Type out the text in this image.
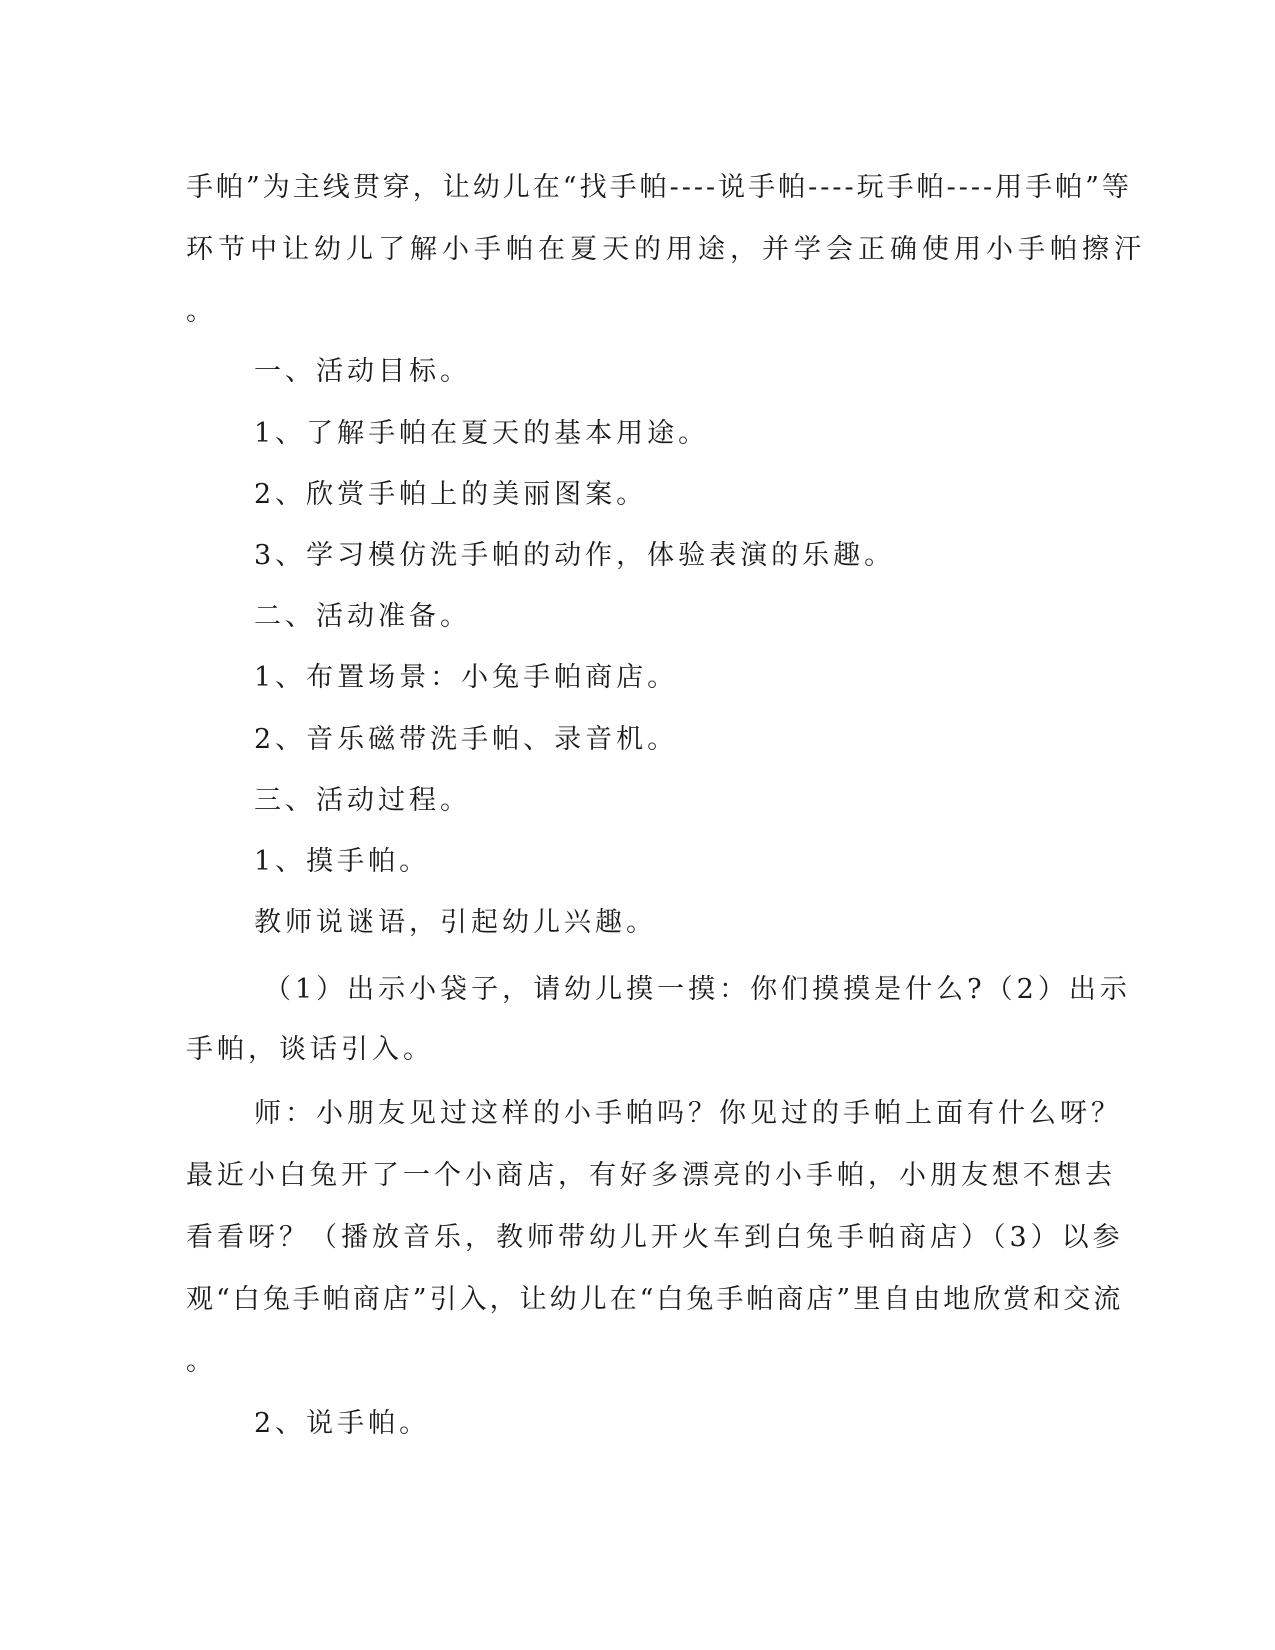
手帕”为主线贯穿，让幼儿在“找手帕----说手帕----玩手帕----用手帕”等
环节中让幼儿了解小手帕在夏天的用途，并学会正确使用小手帕擦汗
。
一、活动目标。
1、了解手帕在夏天的基本用途。
2、欣赏手帕上的美丽图案。
3、学习模仿洗手帕的动作，体验表演的乐趣。
二、活动准备。
1、布置场景：小兔手帕商店。
2、音乐磁带洗手帕、录音机。
三、活动过程。
1、摸手帕。
教师说谜语，引起幼儿兴趣。
（1）出示小袋子，请幼儿摸一摸：你们摸摸是什么?（2）出示
手帕，谈话引入。
师：小朋友见过这样的小手帕吗？你见过的手帕上面有什么呀？
最近小白兔开了一个小商店，有好多漂亮的小手帕，小朋友想不想去
看看呀？（播放音乐，教师带幼儿开火车到白兔手帕商店）（3）以参
观“白兔手帕商店”引入，让幼儿在“白兔手帕商店”里自由地欣赏和交流
。
2、说手帕。
